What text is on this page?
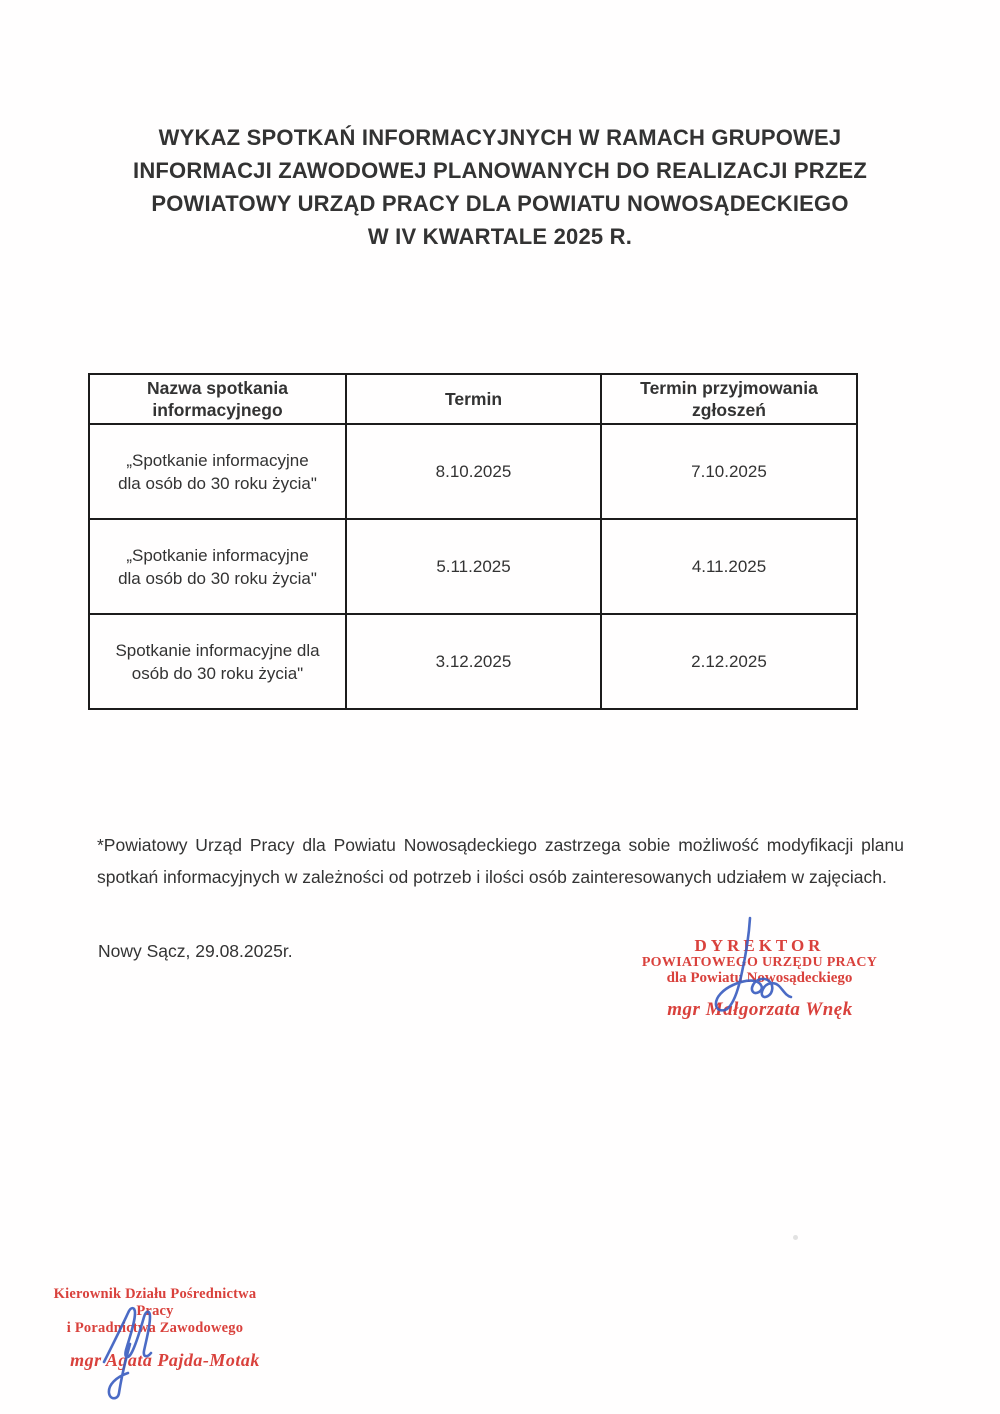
WYKAZ SPOTKAŃ INFORMACYJNYCH W RAMACH GRUPOWEJ
INFORMACJI ZAWODOWEJ PLANOWANYCH DO REALIZACJI PRZEZ
POWIATOWY URZĄD PRACY DLA POWIATU NOWOSĄDECKIEGO
W IV KWARTALE 2025 R.
Nazwa spotkania informacyjnego	Termin	Termin przyjmowania zgłoszeń
„Spotkanie informacyjne dla osób do 30 roku życia"	8.10.2025	7.10.2025
„Spotkanie informacyjne dla osób do 30 roku życia"	5.11.2025	4.11.2025
Spotkanie informacyjne dla osób do 30 roku życia"	3.12.2025	2.12.2025
*Powiatowy Urząd Pracy dla Powiatu Nowosądeckiego zastrzega sobie możliwość modyfikacji planu spotkań informacyjnych w zależności od potrzeb i ilości osób zainteresowanych udziałem w zajęciach.
Nowy Sącz, 29.08.2025r.	DYREKTOR
POWIATOWEGO URZĘDU PRACY
dla Powiatu Nowosądeckiego
mgr Małgorzata Wnęk
Kierownik Działu Pośrednictwa Pracy
i Poradnictwa Zawodowego
mgr Agata Pajda-Motak
